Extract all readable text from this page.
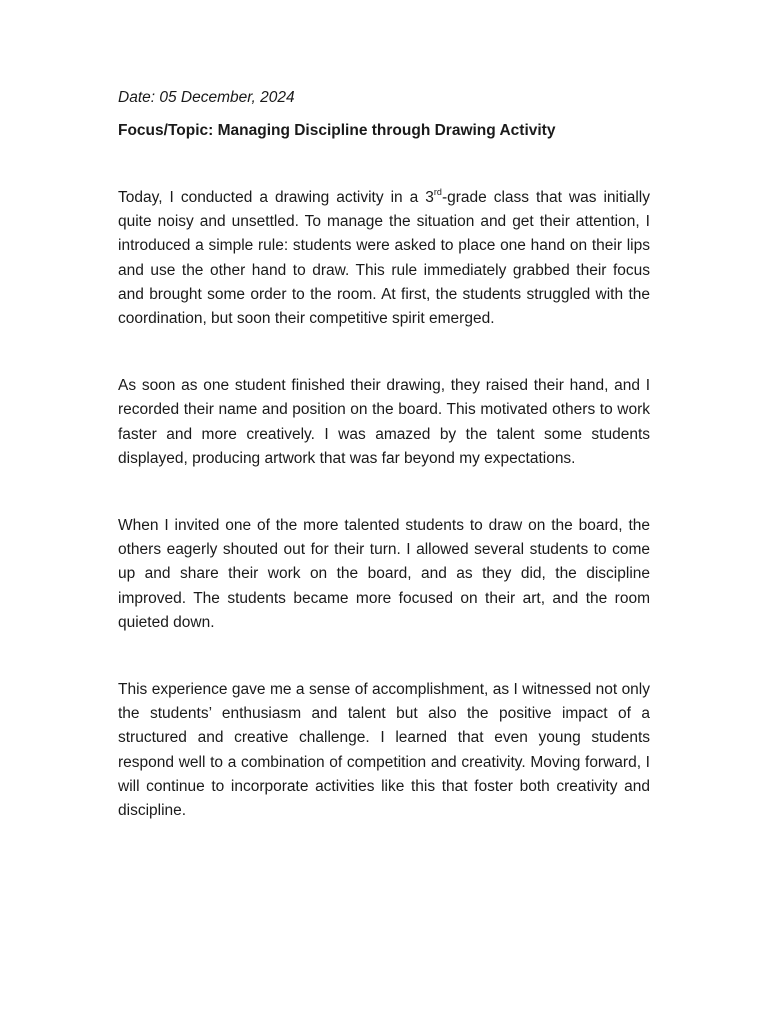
Date: 05 December, 2024

Focus/Topic: Managing Discipline through Drawing Activity

Today, I conducted a drawing activity in a 3rd-grade class that was initially quite noisy and unsettled. To manage the situation and get their attention, I introduced a simple rule: students were asked to place one hand on their lips and use the other hand to draw. This rule immediately grabbed their focus and brought some order to the room. At first, the students struggled with the coordination, but soon their competitive spirit emerged.

As soon as one student finished their drawing, they raised their hand, and I recorded their name and position on the board. This motivated others to work faster and more creatively. I was amazed by the talent some students displayed, producing artwork that was far beyond my expectations.

When I invited one of the more talented students to draw on the board, the others eagerly shouted out for their turn. I allowed several students to come up and share their work on the board, and as they did, the discipline improved. The students became more focused on their art, and the room quieted down.

This experience gave me a sense of accomplishment, as I witnessed not only the students’ enthusiasm and talent but also the positive impact of a structured and creative challenge. I learned that even young students respond well to a combination of competition and creativity. Moving forward, I will continue to incorporate activities like this that foster both creativity and discipline.
